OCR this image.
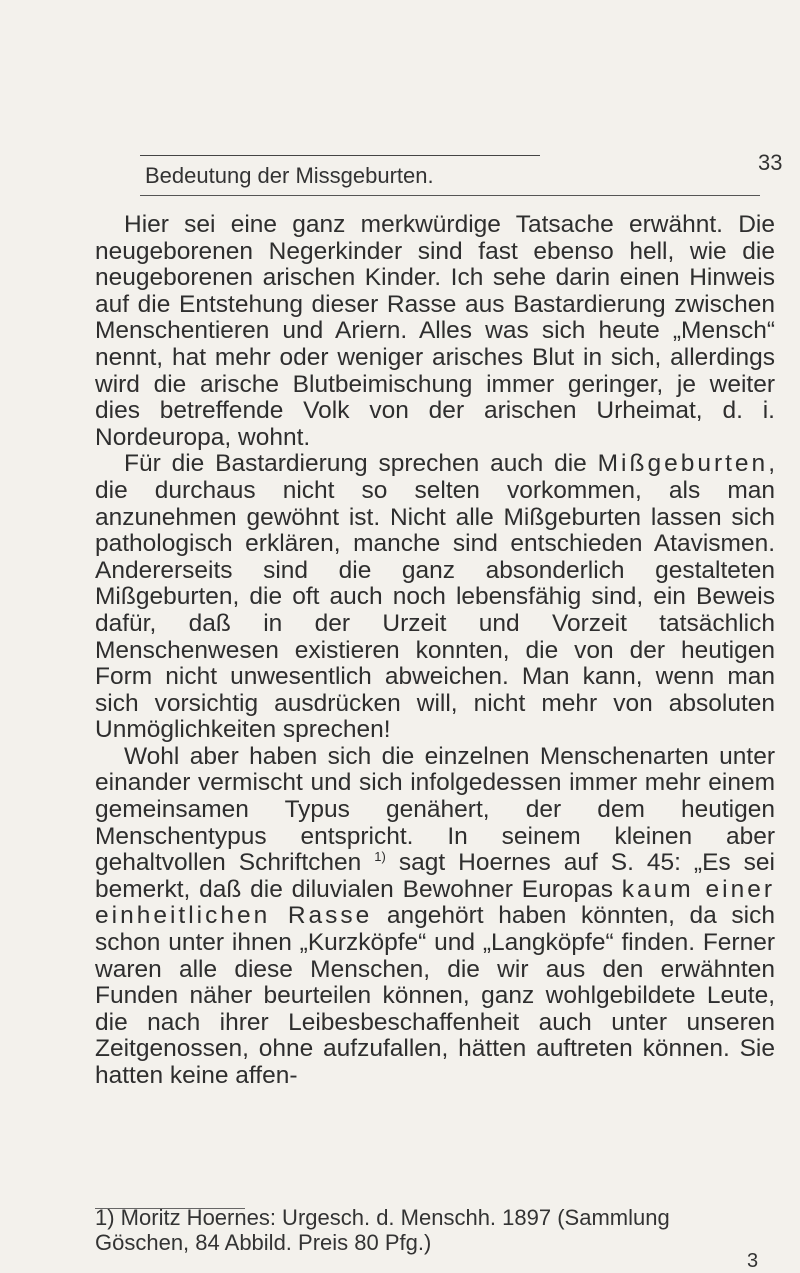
Bedeutung der Missgeburten.
33

Hier sei eine ganz merkwürdige Tatsache erwähnt. Die neugeborenen Negerkinder sind fast ebenso hell, wie die neugeborenen arischen Kinder. Ich sehe darin einen Hinweis auf die Entstehung dieser Rasse aus Bastardierung zwischen Menschentieren und Ariern. Alles was sich heute „Mensch“ nennt, hat mehr oder weniger arisches Blut in sich, allerdings wird die arische Blutbeimischung immer geringer, je weiter dies betreffende Volk von der arischen Urheimat, d. i. Nordeuropa, wohnt.

Für die Bastardierung sprechen auch die Mißgeburten, die durchaus nicht so selten vorkommen, als man anzunehmen gewöhnt ist. Nicht alle Mißgeburten lassen sich pathologisch erklären, manche sind entschieden Atavismen. Andererseits sind die ganz absonderlich gestalteten Mißgeburten, die oft auch noch lebensfähig sind, ein Beweis dafür, daß in der Urzeit und Vorzeit tatsächlich Menschenwesen existieren konnten, die von der heutigen Form nicht unwesentlich abweichen. Man kann, wenn man sich vorsichtig ausdrücken will, nicht mehr von absoluten Unmöglichkeiten sprechen!

Wohl aber haben sich die einzelnen Menschenarten unter einander vermischt und sich infolgedessen immer mehr einem gemeinsamen Typus genähert, der dem heutigen Menschentypus entspricht. In seinem kleinen aber gehaltvollen Schriftchen $^{1)}$ sagt Hoernes auf S. 45: „Es sei bemerkt, daß die diluvialen Bewohner Europas kaum einer einheitlichen Rasse angehört haben könnten, da sich schon unter ihnen „Kurzköpfe“ und „Langköpfe“ finden. Ferner waren alle diese Menschen, die wir aus den erwähnten Funden näher beurteilen können, ganz wohlgebildete Leute, die nach ihrer Leibesbeschaffenheit auch unter unseren Zeitgenossen, ohne aufzufallen, hätten auftreten können. Sie hatten keine affen-

1) Moritz Hoernes: Urgesch. d. Menschh. 1897 (Sammlung
Göschen, 84 Abbild. Preis 80 Pfg.)
3
